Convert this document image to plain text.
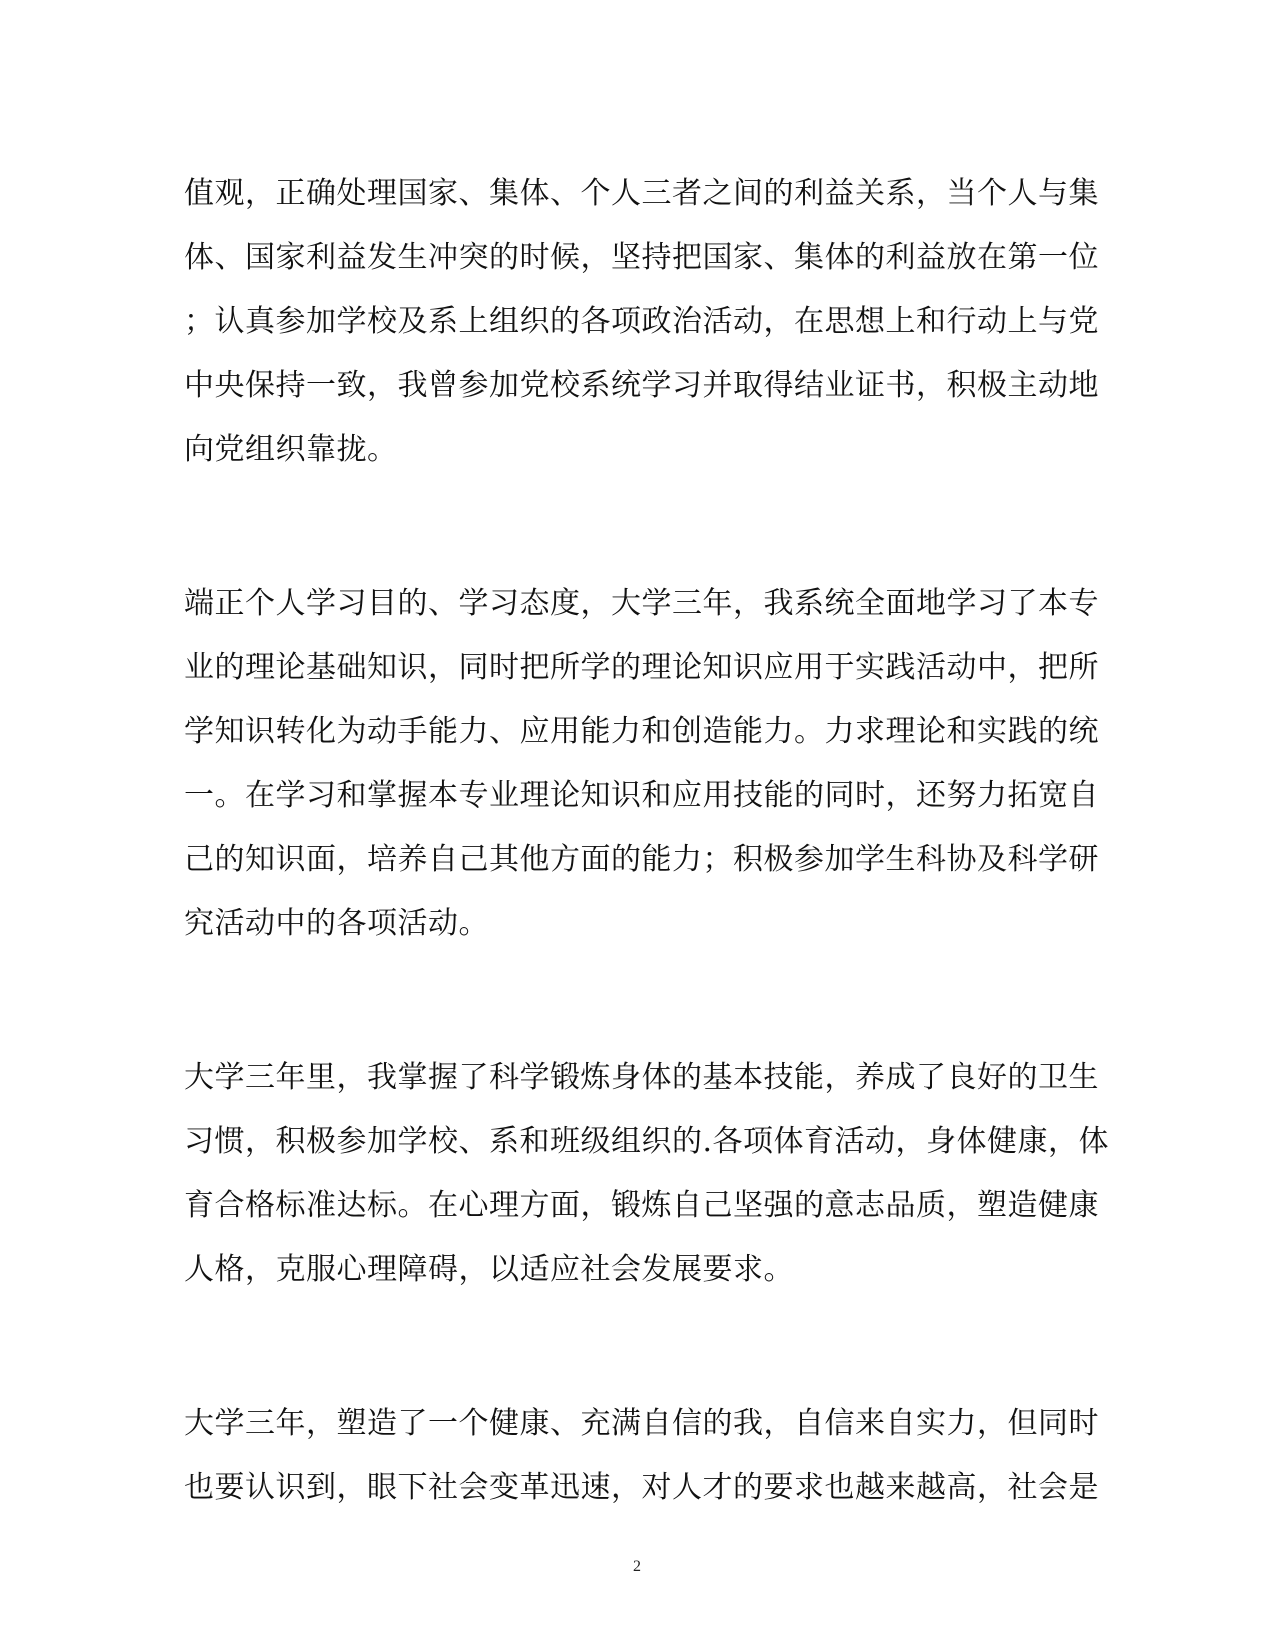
值观，正确处理国家、集体、个人三者之间的利益关系，当个人与集
体、国家利益发生冲突的时候，坚持把国家、集体的利益放在第一位
；认真参加学校及系上组织的各项政治活动，在思想上和行动上与党
中央保持一致，我曾参加党校系统学习并取得结业证书，积极主动地
向党组织靠拢。
端正个人学习目的、学习态度，大学三年，我系统全面地学习了本专
业的理论基础知识，同时把所学的理论知识应用于实践活动中，把所
学知识转化为动手能力、应用能力和创造能力。力求理论和实践的统
一。在学习和掌握本专业理论知识和应用技能的同时，还努力拓宽自
己的知识面，培养自己其他方面的能力；积极参加学生科协及科学研
究活动中的各项活动。
大学三年里，我掌握了科学锻炼身体的基本技能，养成了良好的卫生
习惯，积极参加学校、系和班级组织的.各项体育活动，身体健康，体
育合格标准达标。在心理方面，锻炼自己坚强的意志品质，塑造健康
人格，克服心理障碍，以适应社会发展要求。
大学三年，塑造了一个健康、充满自信的我，自信来自实力，但同时
也要认识到，眼下社会变革迅速，对人才的要求也越来越高，社会是
2
